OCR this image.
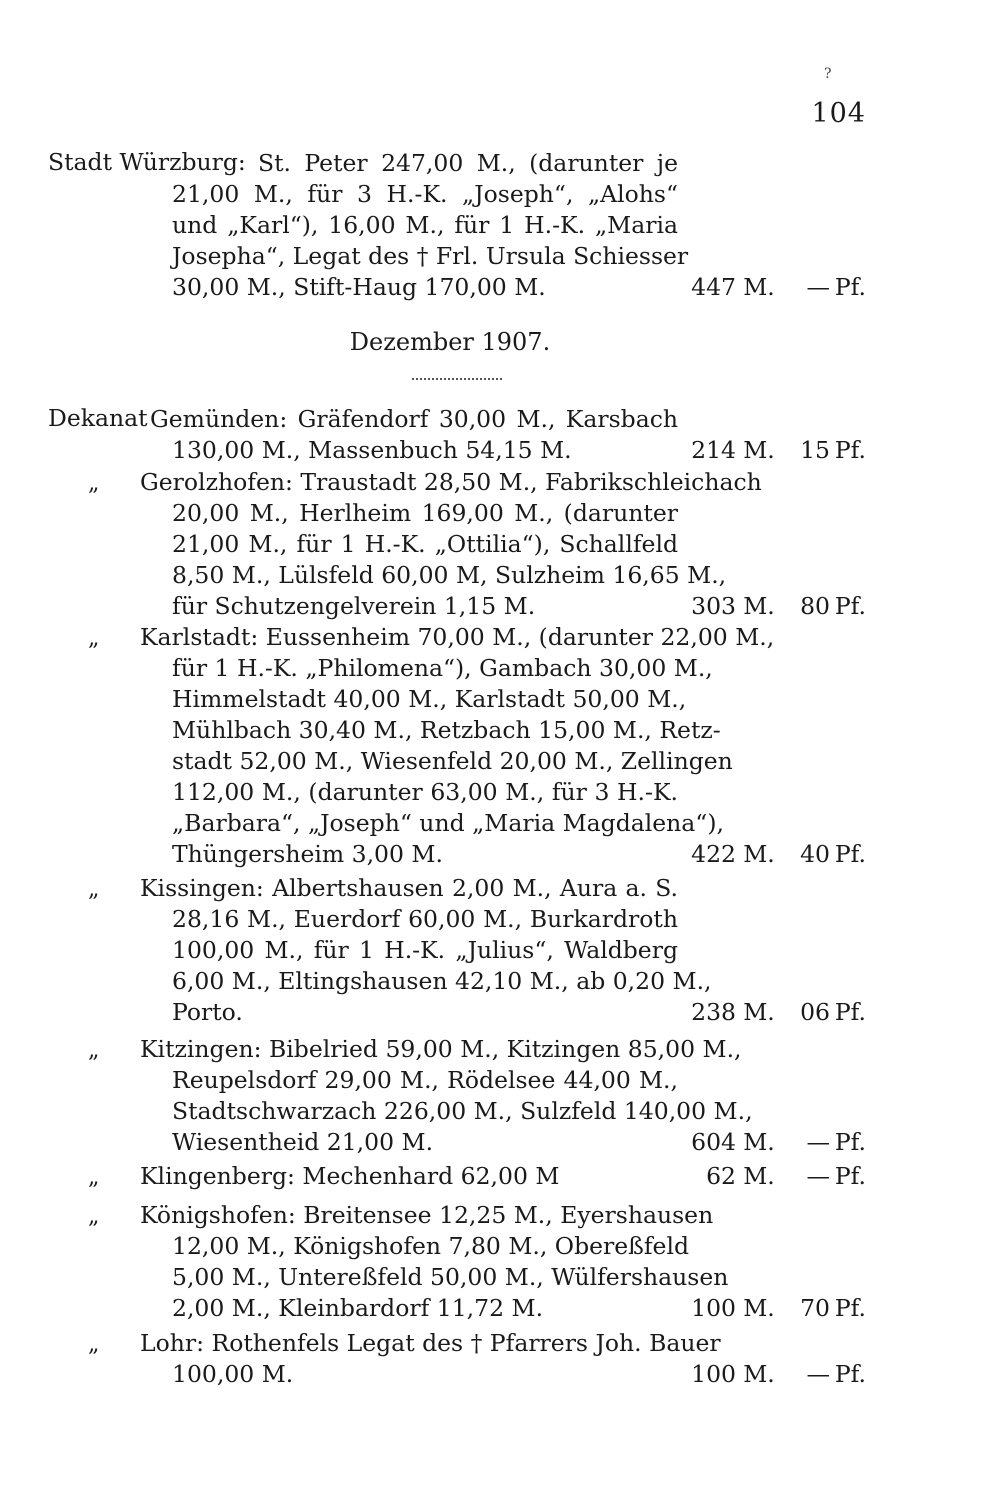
?
104
Stadt Würzburg: St. Peter 247,00 M., (darunter je
21,00 M., für 3 H.-K. „Joseph“, „Alohs“
und „Karl“), 16,00 M., für 1 H.-K. „Maria
Josepha“, Legat des † Frl. Ursula Schiesser
30,00 M., Stift-Haug 170,00 M.	447 M.	— Pf.
Dezember 1907.
Dekanat Gemünden: Gräfendorf 30,00 M., Karsbach
130,00 M., Massenbuch 54,15 M.	214 M.	15 Pf.
„ Gerolzhofen: Traustadt 28,50 M., Fabrikschleichach
20,00 M., Herlheim 169,00 M., (darunter
21,00 M., für 1 H.-K. „Ottilia“), Schallfeld
8,50 M., Lülsfeld 60,00 M, Sulzheim 16,65 M.,
für Schutzengelverein 1,15 M.	303 M.	80 Pf.
„ Karlstadt: Eussenheim 70,00 M., (darunter 22,00 M.,
für 1 H.-K. „Philomena“), Gambach 30,00 M.,
Himmelstadt 40,00 M., Karlstadt 50,00 M.,
Mühlbach 30,40 M., Retzbach 15,00 M., Retz-
stadt 52,00 M., Wiesenfeld 20,00 M., Zellingen
112,00 M., (darunter 63,00 M., für 3 H.-K.
„Barbara“, „Joseph“ und „Maria Magdalena“),
Thüngersheim 3,00 M.	422 M.	40 Pf.
„ Kissingen: Albertshausen 2,00 M., Aura a. S.
28,16 M., Euerdorf 60,00 M., Burkardroth
100,00 M., für 1 H.-K. „Julius“, Waldberg
6,00 M., Eltingshausen 42,10 M., ab 0,20 M.,
Porto.	238 M.	06 Pf.
„ Kitzingen: Bibelried 59,00 M., Kitzingen 85,00 M.,
Reupelsdorf 29,00 M., Rödelsee 44,00 M.,
Stadtschwarzach 226,00 M., Sulzfeld 140,00 M.,
Wiesentheid 21,00 M.	604 M.	— Pf.
„ Klingenberg: Mechenhard 62,00 M	62 M.	— Pf.
„ Königshofen: Breitensee 12,25 M., Eyershausen
12,00 M., Königshofen 7,80 M., Obereßfeld
5,00 M., Untereßfeld 50,00 M., Wülfershausen
2,00 M., Kleinbardorf 11,72 M.	100 M.	70 Pf.
„ Lohr: Rothenfels Legat des † Pfarrers Joh. Bauer
100,00 M.	100 M.	— Pf.
